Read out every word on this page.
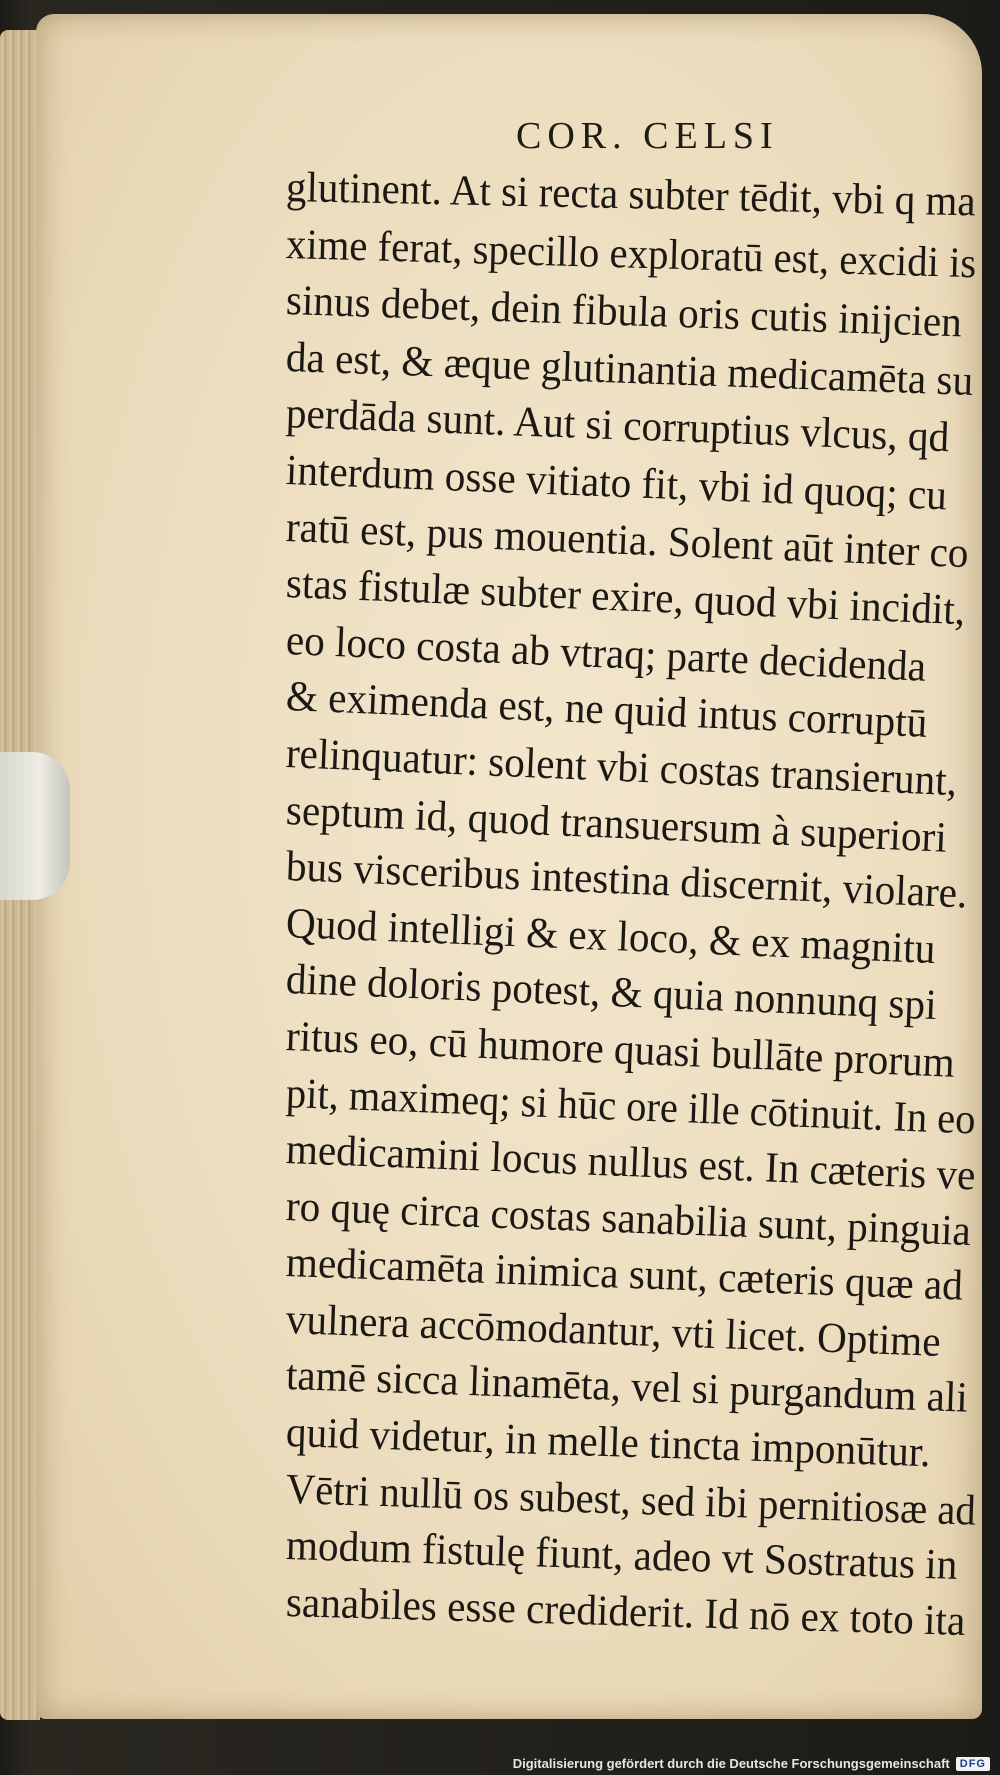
COR. CELSI
glutinent. At si recta subter tēdit, vbi q ma
xime ferat, specillo exploratū est, excidi is
sinus debet, dein fibula oris cutis inijcien
da est, & æque glutinantia medicamēta su
perdāda sunt. Aut si corruptius vlcus, qd
interdum osse vitiato fit, vbi id quoq; cu
ratū est, pus mouentia. Solent aūt inter co
stas fistulæ subter exire, quod vbi incidit,
eo loco costa ab vtraq; parte decidenda
& eximenda est, ne quid intus corruptū
relinquatur: solent vbi costas transierunt,
septum id, quod transuersum à superiori
bus visceribus intestina discernit, violare.
Quod intelligi & ex loco, & ex magnitu
dine doloris potest, & quia nonnunq spi
ritus eo, cū humore quasi bullāte prorum
pit, maximeq; si hūc ore ille cōtinuit. In eo
medicamini locus nullus est. In cæteris ve
ro quę circa costas sanabilia sunt, pinguia
medicamēta inimica sunt, cæteris quæ ad
vulnera accōmodantur, vti licet. Optime
tamē sicca linamēta, vel si purgandum ali
quid videtur, in melle tincta imponūtur.
Vētri nullū os subest, sed ibi pernitiosæ ad
modum fistulę fiunt, adeo vt Sostratus in
sanabiles esse crediderit. Id nō ex toto ita
Digitalisierung gefördert durch die Deutsche Forschungsgemeinschaft DFG
